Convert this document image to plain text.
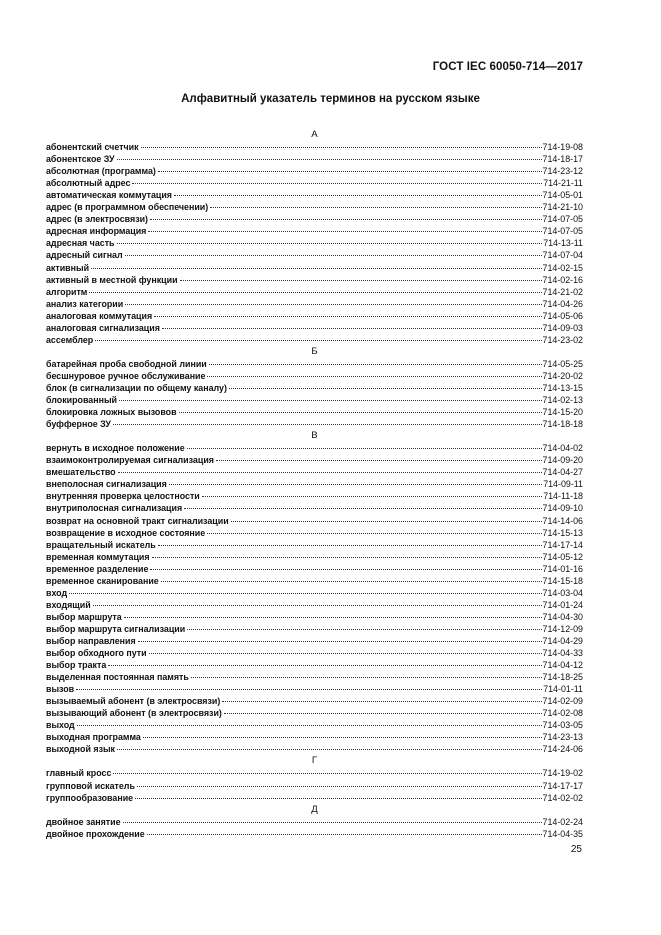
ГОСТ IEC 60050-714—2017
Алфавитный указатель терминов на русском языке
А
абонентский счетчик	714-19-08
абонентское ЗУ	714-18-17
абсолютная (программа)	714-23-12
абсолютный адрес	714-21-11
автоматическая коммутация	714-05-01
адрес (в программном обеспечении)	714-21-10
адрес (в электросвязи)	714-07-05
адресная информация	714-07-05
адресная часть	714-13-11
адресный сигнал	714-07-04
активный	714-02-15
активный в местной функции	714-02-16
алгоритм	714-21-02
анализ категории	714-04-26
аналоговая коммутация	714-05-06
аналоговая сигнализация	714-09-03
ассемблер	714-23-02
Б
батарейная проба свободной линии	714-05-25
бесшнуровое ручное обслуживание	714-20-02
блок (в сигнализации по общему каналу)	714-13-15
блокированный	714-02-13
блокировка ложных вызовов	714-15-20
буфферное ЗУ	714-18-18
В
вернуть в исходное положение	714-04-02
взаимоконтролируемая сигнализация	714-09-20
вмешательство	714-04-27
внеполосная сигнализация	714-09-11
внутренняя проверка целостности	714-11-18
внутриполосная сигнализация	714-09-10
возврат на основной тракт сигнализации	714-14-06
возвращение в исходное состояние	714-15-13
вращательный искатель	714-17-14
временная коммутация	714-05-12
временное разделение	714-01-16
временное сканирование	714-15-18
вход	714-03-04
входящий	714-01-24
выбор маршрута	714-04-30
выбор маршрута сигнализации	714-12-09
выбор направления	714-04-29
выбор обходного пути	714-04-33
выбор тракта	714-04-12
выделенная постоянная память	714-18-25
вызов	714-01-11
вызываемый абонент (в электросвязи)	714-02-09
вызывающий абонент (в электросвязи)	714-02-08
выход	714-03-05
выходная программа	714-23-13
выходной язык	714-24-06
Г
главный кросс	714-19-02
групповой искатель	714-17-17
группообразование	714-02-02
Д
двойное занятие	714-02-24
двойное прохождение	714-04-35
25
